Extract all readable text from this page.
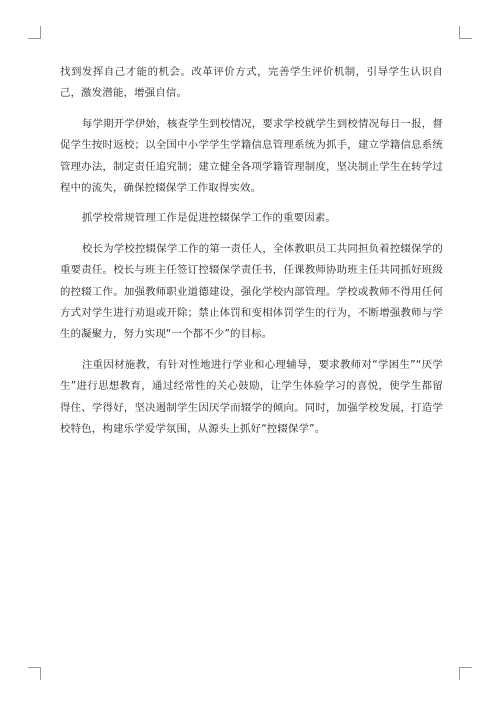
找到发挥自己才能的机会。改革评价方式，完善学生评价机制，引导学生认识自己，激发潜能，增强自信。

每学期开学伊始，核查学生到校情况，要求学校就学生到校情况每日一报，督促学生按时返校；以全国中小学学生学籍信息管理系统为抓手，建立学籍信息系统管理办法，制定责任追究制；建立健全各项学籍管理制度，坚决制止学生在转学过程中的流失，确保控辍保学工作取得实效。

抓学校常规管理工作是促进控辍保学工作的重要因素。

校长为学校控辍保学工作的第一责任人，全体教职员工共同担负着控辍保学的重要责任。校长与班主任签订控辍保学责任书，任课教师协助班主任共同抓好班级的控辍工作。加强教师职业道德建设，强化学校内部管理。学校或教师不得用任何方式对学生进行劝退或开除；禁止体罚和变相体罚学生的行为，不断增强教师与学生的凝聚力，努力实现“一个都不少”的目标。

注重因材施教，有针对性地进行学业和心理辅导，要求教师对“学困生”“厌学生”进行思想教育，通过经常性的关心鼓励，让学生体验学习的喜悦，使学生都留得住、学得好，坚决遏制学生因厌学而辍学的倾向。同时，加强学校发展，打造学校特色，构建乐学爱学氛围，从源头上抓好“控辍保学”。
